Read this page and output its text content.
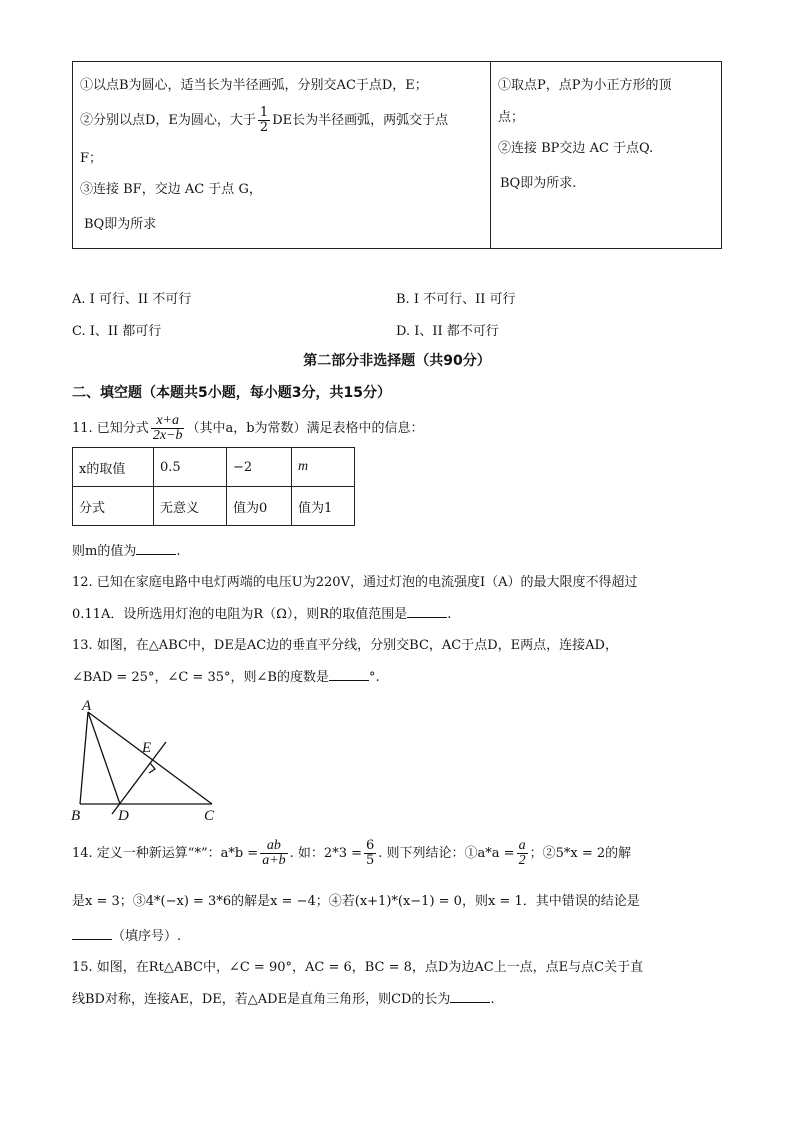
①以点B为圆心，适当长为半径画弧，分别交AC于点D，E；
②分别以点D，E为圆心，大于 $\frac{1}{2}$ DE长为半径画弧，两弧交于点
F；
③连接 BF，交边 AC 于点 G，
BQ即为所求
①取点P，点P为小正方形的顶
点；
②连接 BP交边 AC 于点Q.
BQ即为所求.
A. I 可行、II 不可行	B. I 不可行、II 可行
C. I、II 都可行	D. I、II 都不可行
第二部分非选择题（共90分）
二、填空题（本题共5小题，每小题3分，共15分）
11. 已知分式 $\frac{x+a}{2x-b}$ （其中a，b为常数）满足表格中的信息：
x的取值	0.5	−2	m
分式	无意义	值为0	值为1
则m的值为	.
12. 已知在家庭电路中电灯两端的电压U为220V，通过灯泡的电流强度I（A）的最大限度不得超过
0.11A．设所选用灯泡的电阻为R（Ω），则R的取值范围是	.
13. 如图，在△ABC中，DE是AC边的垂直平分线，分别交BC，AC于点D，E两点，连接AD，
∠BAD = 25°，∠C = 35°，则∠B的度数是	°.
A
E
B	D	C
14. 定义一种新运算“*”：$a*b = \frac{ab}{a+b}$ . 如：$2*3 = \frac{6}{5}$ . 则下列结论：①a*a = $\frac{a}{2}$ ；②5*x = 2的解
是x = 3；③4*(−x) = 3*6的解是x = −4；④若(x+1)*(x−1) = 0，则x = 1．其中错误的结论是
（填序号）.
15. 如图，在Rt△ABC中，∠C = 90°，AC = 6，BC = 8，点D为边AC上一点，点E与点C关于直
线BD对称，连接AE，DE，若△ADE是直角三角形，则CD的长为	.
